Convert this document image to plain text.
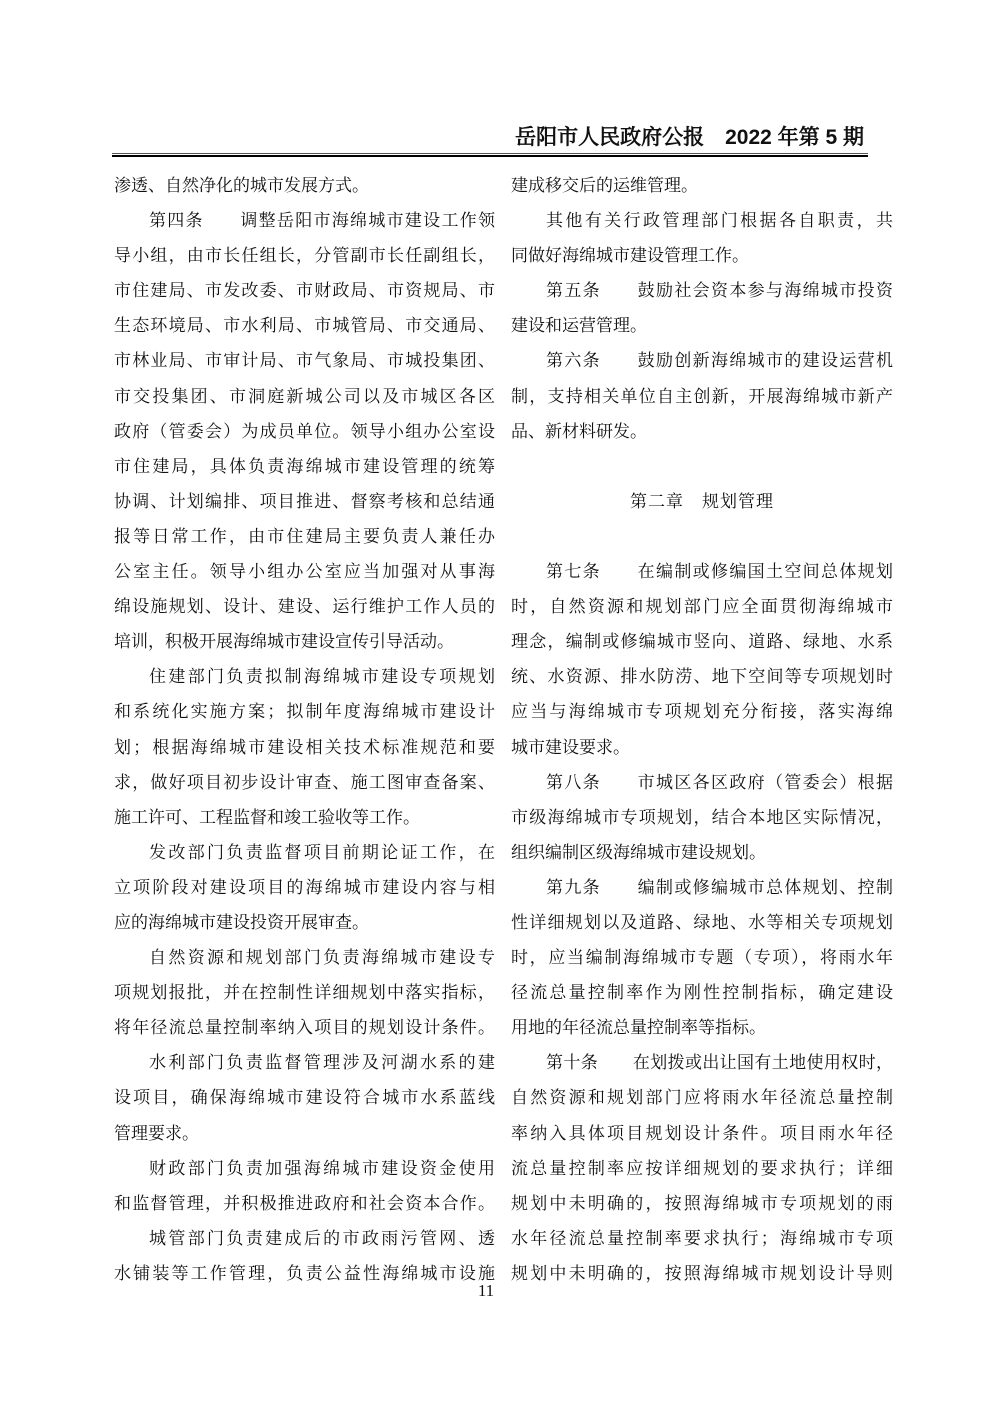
岳阳市人民政府公报　2022 年第 5 期
渗透、自然净化的城市发展方式。
第四条　　调整岳阳市海绵城市建设工作领
导小组，由市长任组长，分管副市长任副组长，
市住建局、市发改委、市财政局、市资规局、市
生态环境局、市水利局、市城管局、市交通局、
市林业局、市审计局、市气象局、市城投集团、
市交投集团、市洞庭新城公司以及市城区各区
政府（管委会）为成员单位。领导小组办公室设
市住建局，具体负责海绵城市建设管理的统筹
协调、计划编排、项目推进、督察考核和总结通
报等日常工作，由市住建局主要负责人兼任办
公室主任。领导小组办公室应当加强对从事海
绵设施规划、设计、建设、运行维护工作人员的
培训，积极开展海绵城市建设宣传引导活动。
住建部门负责拟制海绵城市建设专项规划
和系统化实施方案；拟制年度海绵城市建设计
划；根据海绵城市建设相关技术标准规范和要
求，做好项目初步设计审查、施工图审查备案、
施工许可、工程监督和竣工验收等工作。
发改部门负责监督项目前期论证工作，在
立项阶段对建设项目的海绵城市建设内容与相
应的海绵城市建设投资开展审查。
自然资源和规划部门负责海绵城市建设专
项规划报批，并在控制性详细规划中落实指标，
将年径流总量控制率纳入项目的规划设计条件。
水利部门负责监督管理涉及河湖水系的建
设项目，确保海绵城市建设符合城市水系蓝线
管理要求。
财政部门负责加强海绵城市建设资金使用
和监督管理，并积极推进政府和社会资本合作。
城管部门负责建成后的市政雨污管网、透
水铺装等工作管理，负责公益性海绵城市设施
建成移交后的运维管理。
其他有关行政管理部门根据各自职责，共
同做好海绵城市建设管理工作。
第五条　　鼓励社会资本参与海绵城市投资
建设和运营管理。
第六条　　鼓励创新海绵城市的建设运营机
制，支持相关单位自主创新，开展海绵城市新产
品、新材料研发。
第二章　规划管理
第七条　　在编制或修编国土空间总体规划
时，自然资源和规划部门应全面贯彻海绵城市
理念，编制或修编城市竖向、道路、绿地、水系
统、水资源、排水防涝、地下空间等专项规划时
应当与海绵城市专项规划充分衔接，落实海绵
城市建设要求。
第八条　　市城区各区政府（管委会）根据
市级海绵城市专项规划，结合本地区实际情况，
组织编制区级海绵城市建设规划。
第九条　　编制或修编城市总体规划、控制
性详细规划以及道路、绿地、水等相关专项规划
时，应当编制海绵城市专题（专项），将雨水年
径流总量控制率作为刚性控制指标，确定建设
用地的年径流总量控制率等指标。
第十条　　在划拨或出让国有土地使用权时，
自然资源和规划部门应将雨水年径流总量控制
率纳入具体项目规划设计条件。项目雨水年径
流总量控制率应按详细规划的要求执行；详细
规划中未明确的，按照海绵城市专项规划的雨
水年径流总量控制率要求执行；海绵城市专项
规划中未明确的，按照海绵城市规划设计导则
11
